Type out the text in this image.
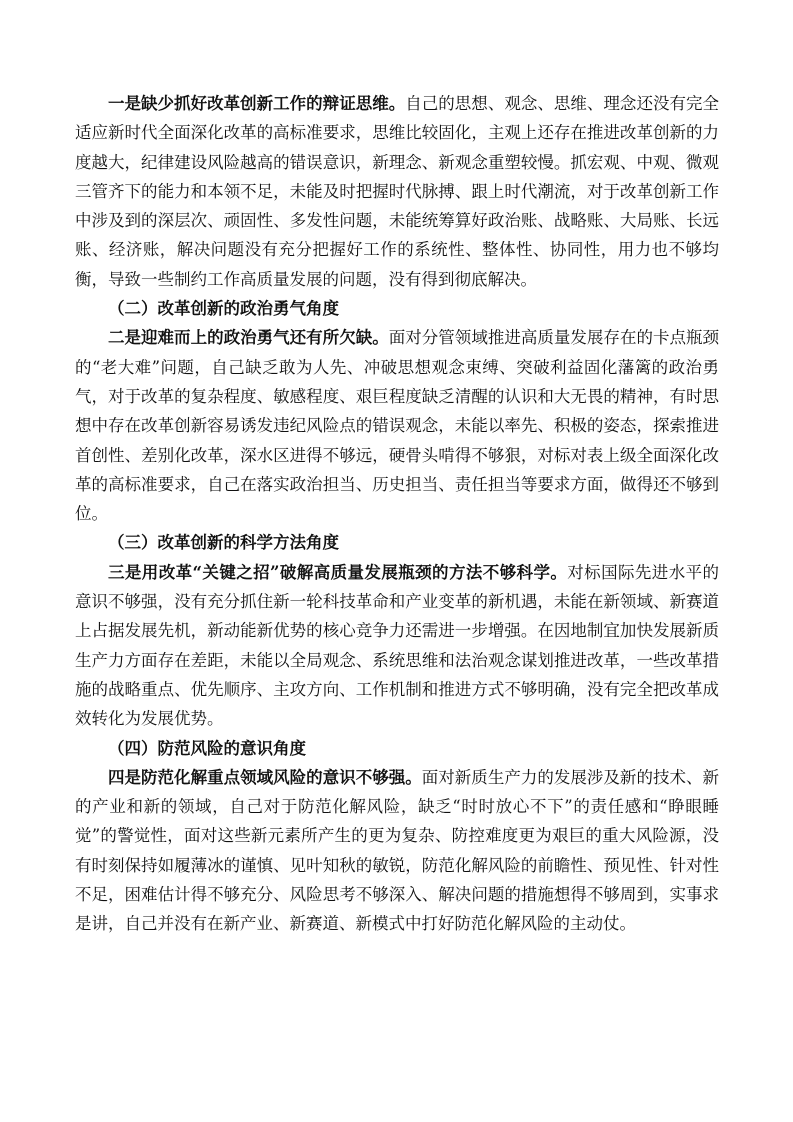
一是缺少抓好改革创新工作的辩证思维。自己的思想、观念、思维、理念还没有完全适应新时代全面深化改革的高标准要求，思维比较固化，主观上还存在推进改革创新的力度越大，纪律建设风险越高的错误意识，新理念、新观念重塑较慢。抓宏观、中观、微观三管齐下的能力和本领不足，未能及时把握时代脉搏、跟上时代潮流，对于改革创新工作中涉及到的深层次、顽固性、多发性问题，未能统筹算好政治账、战略账、大局账、长远账、经济账，解决问题没有充分把握好工作的系统性、整体性、协同性，用力也不够均衡，导致一些制约工作高质量发展的问题，没有得到彻底解决。

（二）改革创新的政治勇气角度

二是迎难而上的政治勇气还有所欠缺。面对分管领域推进高质量发展存在的卡点瓶颈的“老大难”问题，自己缺乏敢为人先、冲破思想观念束缚、突破利益固化藩篱的政治勇气，对于改革的复杂程度、敏感程度、艰巨程度缺乏清醒的认识和大无畏的精神，有时思想中存在改革创新容易诱发违纪风险点的错误观念，未能以率先、积极的姿态，探索推进首创性、差别化改革，深水区进得不够远，硬骨头啃得不够狠，对标对表上级全面深化改革的高标准要求，自己在落实政治担当、历史担当、责任担当等要求方面，做得还不够到位。

（三）改革创新的科学方法角度

三是用改革“关键之招”破解高质量发展瓶颈的方法不够科学。对标国际先进水平的意识不够强，没有充分抓住新一轮科技革命和产业变革的新机遇，未能在新领域、新赛道上占据发展先机，新动能新优势的核心竞争力还需进一步增强。在因地制宜加快发展新质生产力方面存在差距，未能以全局观念、系统思维和法治观念谋划推进改革，一些改革措施的战略重点、优先顺序、主攻方向、工作机制和推进方式不够明确，没有完全把改革成效转化为发展优势。

（四）防范风险的意识角度

四是防范化解重点领域风险的意识不够强。面对新质生产力的发展涉及新的技术、新的产业和新的领域，自己对于防范化解风险，缺乏“时时放心不下”的责任感和“睁眼睡觉”的警觉性，面对这些新元素所产生的更为复杂、防控难度更为艰巨的重大风险源，没有时刻保持如履薄冰的谨慎、见叶知秋的敏锐，防范化解风险的前瞻性、预见性、针对性不足，困难估计得不够充分、风险思考不够深入、解决问题的措施想得不够周到，实事求是讲，自己并没有在新产业、新赛道、新模式中打好防范化解风险的主动仗。
